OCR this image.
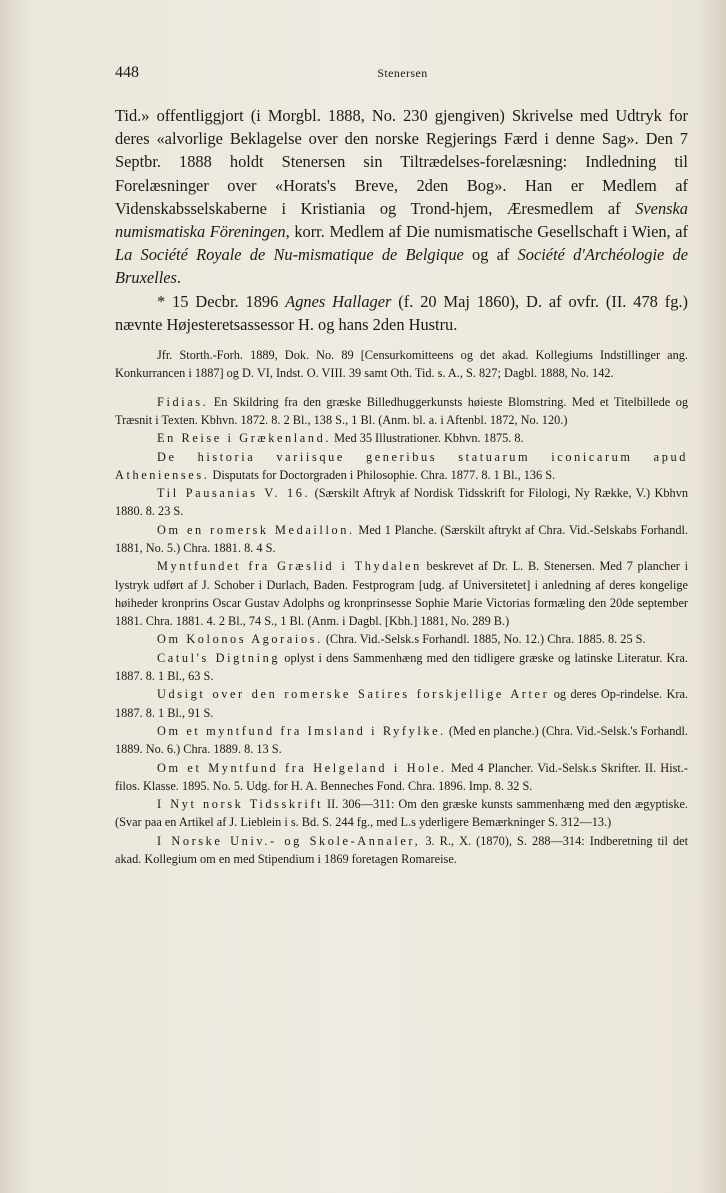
448	Stenersen

Tid.» offentliggjort (i Morgbl. 1888, No. 230 gjengiven) Skrivelse med Udtryk for deres «alvorlige Beklagelse over den norske Regjerings Færd i denne Sag». Den 7 Septbr. 1888 holdt Stenersen sin Tiltrædelses-forelæsning: Indledning til Forelæsninger over «Horats's Breve, 2den Bog». Han er Medlem af Videnskabsselskaberne i Kristiania og Trond-hjem, Æresmedlem af Svenska numismatiska Föreningen, korr. Medlem af Die numismatische Gesellschaft i Wien, af La Société Royale de Nu-mismatique de Belgique og af Société d'Archéologie de Bruxelles.

* 15 Decbr. 1896 Agnes Hallager (f. 20 Maj 1860), D. af ovfr. (II. 478 fg.) nævnte Højesteretsassessor H. og hans 2den Hustru.

Jfr. Storth.-Forh. 1889, Dok. No. 89 [Censurkomitteens og det akad. Kollegiums Indstillinger ang. Konkurrancen i 1887] og D. VI, Indst. O. VIII. 39 samt Oth. Tid. s. A., S. 827; Dagbl. 1888, No. 142.

Fidias. En Skildring fra den græske Billedhuggerkunsts høieste Blomstring. Med et Titelbillede og Træsnit i Texten. Kbhvn. 1872. 8. 2 Bl., 138 S., 1 Bl. (Anm. bl. a. i Aftenbl. 1872, No. 120.)

En Reise i Grækenland. Med 35 Illustrationer. Kbhvn. 1875. 8.

De historia variisque generibus statuarum iconicarum apud Athenienses. Disputats for Doctorgraden i Philosophie. Chra. 1877. 8. 1 Bl., 136 S.

Til Pausanias V. 16. (Særskilt Aftryk af Nordisk Tidsskrift for Filologi, Ny Række, V.) Kbhvn 1880. 8. 23 S.

Om en romersk Medaillon. Med 1 Planche. (Særskilt aftrykt af Chra. Vid.-Selskabs Forhandl. 1881, No. 5.) Chra. 1881. 8. 4 S.

Myntfundet fra Græslid i Thydalen beskrevet af Dr. L. B. Stenersen. Med 7 plancher i lystryk udført af J. Schober i Durlach, Baden. Festprogram [udg. af Universitetet] i anledning af deres kongelige høiheder kronprins Oscar Gustav Adolphs og kronprinsesse Sophie Marie Victorias formæling den 20de september 1881. Chra. 1881. 4. 2 Bl., 74 S., 1 Bl. (Anm. i Dagbl. [Kbh.] 1881, No. 289 B.)

Om Kolonos Agoraios. (Chra. Vid.-Selsk.s Forhandl. 1885, No. 12.) Chra. 1885. 8. 25 S.

Catul's Digtning oplyst i dens Sammenhæng med den tidligere græske og latinske Literatur. Kra. 1887. 8. 1 Bl., 63 S.

Udsigt over den romerske Satires forskjellige Arter og deres Op-rindelse. Kra. 1887. 8. 1 Bl., 91 S.

Om et myntfund fra Imsland i Ryfylke. (Med en planche.) (Chra. Vid.-Selsk.'s Forhandl. 1889. No. 6.) Chra. 1889. 8. 13 S.

Om et Myntfund fra Helgeland i Hole. Med 4 Plancher. Vid.-Selsk.s Skrifter. II. Hist.-filos. Klasse. 1895. No. 5. Udg. for H. A. Benneches Fond. Chra. 1896. Imp. 8. 32 S.

I Nyt norsk Tidsskrift II. 306—311: Om den græske kunsts sammenhæng med den ægyptiske. (Svar paa en Artikel af J. Lieblein i s. Bd. S. 244 fg., med L.s yderligere Bemærkninger S. 312—13.)

I Norske Univ.- og Skole-Annaler, 3. R., X. (1870), S. 288—314: Indberetning til det akad. Kollegium om en med Stipendium i 1869 foretagen Romareise.
